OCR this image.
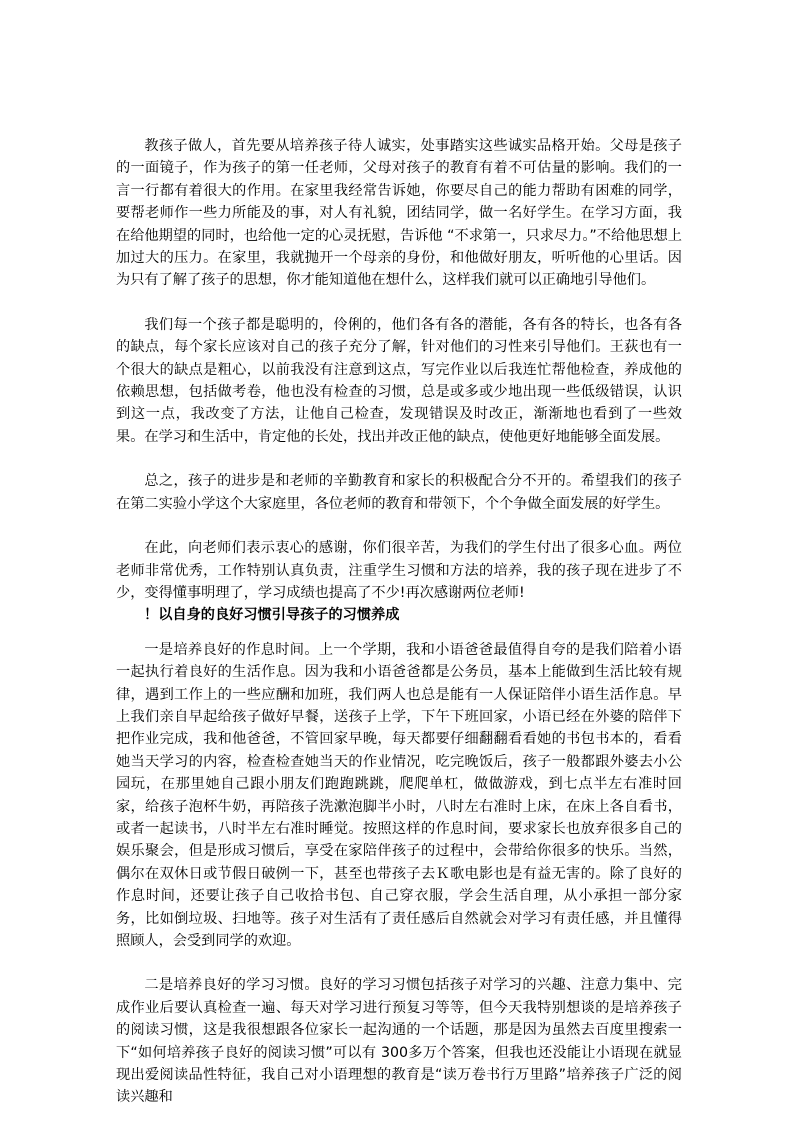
教孩子做人，首先要从培养孩子待人诚实，处事踏实这些诚实品格开始。父母是孩子的一面镜子，作为孩子的第一任老师，父母对孩子的教育有着不可估量的影响。我们的一言一行都有着很大的作用。在家里我经常告诉她，你要尽自己的能力帮助有困难的同学，要帮老师作一些力所能及的事，对人有礼貌，团结同学，做一名好学生。在学习方面，我在给他期望的同时，也给他一定的心灵抚慰，告诉他 “不求第一，只求尽力。”不给他思想上加过大的压力。在家里，我就抛开一个母亲的身份，和他做好朋友，听听他的心里话。因为只有了解了孩子的思想，你才能知道他在想什么，这样我们就可以正确地引导他们。

我们每一个孩子都是聪明的，伶俐的，他们各有各的潜能，各有各的特长，也各有各的缺点，每个家长应该对自己的孩子充分了解，针对他们的习性来引导他们。王荻也有一个很大的缺点是粗心，以前我没有注意到这点，写完作业以后我连忙帮他检查，养成他的依赖思想，包括做考卷，他也没有检查的习惯，总是或多或少地出现一些低级错误，认识到这一点，我改变了方法，让他自己检查，发现错误及时改正，渐渐地也看到了一些效果。在学习和生活中，肯定他的长处，找出并改正他的缺点，使他更好地能够全面发展。

总之，孩子的进步是和老师的辛勤教育和家长的积极配合分不开的。希望我们的孩子在第二实验小学这个大家庭里，各位老师的教育和带领下，个个争做全面发展的好学生。

在此，向老师们表示衷心的感谢，你们很辛苦，为我们的学生付出了很多心血。两位老师非常优秀，工作特别认真负责，注重学生习惯和方法的培养，我的孩子现在进步了不少，变得懂事明理了，学习成绩也提高了不少!再次感谢两位老师!

！以自身的良好习惯引导孩子的习惯养成

一是培养良好的作息时间。上一个学期，我和小语爸爸最值得自夸的是我们陪着小语一起执行着良好的生活作息。因为我和小语爸爸都是公务员，基本上能做到生活比较有规律，遇到工作上的一些应酬和加班，我们两人也总是能有一人保证陪伴小语生活作息。早上我们亲自早起给孩子做好早餐，送孩子上学，下午下班回家，小语已经在外婆的陪伴下把作业完成，我和他爸爸，不管回家早晚，每天都要仔细翻翻看看她的书包书本的，看看她当天学习的内容，检查检查她当天的作业情况，吃完晚饭后，孩子一般都跟外婆去小公园玩，在那里她自己跟小朋友们跑跑跳跳，爬爬单杠，做做游戏，到七点半左右准时回家，给孩子泡杯牛奶，再陪孩子洗漱泡脚半小时，八时左右准时上床，在床上各自看书，或者一起读书，八时半左右准时睡觉。按照这样的作息时间，要求家长也放弃很多自己的娱乐聚会，但是形成习惯后，享受在家陪伴孩子的过程中，会带给你很多的快乐。当然，偶尔在双休日或节假日破例一下，甚至也带孩子去Ｋ歌电影也是有益无害的。除了良好的作息时间，还要让孩子自己收拾书包、自己穿衣服，学会生活自理，从小承担一部分家务，比如倒垃圾、扫地等。孩子对生活有了责任感后自然就会对学习有责任感，并且懂得照顾人，会受到同学的欢迎。

二是培养良好的学习习惯。良好的学习习惯包括孩子对学习的兴趣、注意力集中、完成作业后要认真检查一遍、每天对学习进行预复习等等，但今天我特别想谈的是培养孩子的阅读习惯，这是我很想跟各位家长一起沟通的一个话题，那是因为虽然去百度里搜索一下“如何培养孩子良好的阅读习惯”可以有 300多万个答案，但我也还没能让小语现在就显现出爱阅读品性特征，我自己对小语理想的教育是“读万卷书行万里路”培养孩子广泛的阅读兴趣和
